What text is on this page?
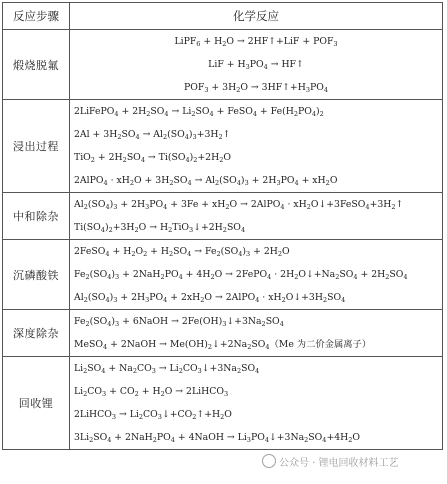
反应步骤	化学反应
煅烧脱氟	LiPF$_6$ + $H_2O$ → 2HF↑+LiF + $POF_3$
LiF + $H_3PO_4$ → HF↑
$POF_3 + 3H_2O$ → $3HF↑+H_3PO_4$

浸出过程	2LiFePO$_4$ + $2H_2SO_4 \to Li_2SO_4$ + FeSO$_4$ + $Fe(H_2PO_4)_2$
$2Al + 3H_2SO_4$ → $Al_2(SO_4)_3+3H_2↑$
$TiO_2 + 2H_2SO_4 \to Ti(SO_4)_2+2H_2O$
2AlPO$_4$ · $xH_2O + 3H_2SO_4 \to Al_2(SO_4)_3 + 2H_3PO_4 + xH_2O$

中和除杂	$Al_2(SO_4)_3 + 2H_3PO_4 + 3Fe + xH_2O$ → 2AlPO$_4$ · $xH_2O↓+3FeSO_4+3H_2↑$
$Ti(SO_4)_2+3H_2O$ → $H_2TiO_3↓+2H_2SO_4$

沉磷酸铁	2FeSO$_4$ + $H_2O_2 + H_2SO_4 \to Fe_2(SO_4)_3 + 2H_2O$
$Fe_2(SO_4)_3 + 2NaH_2PO_4 + 4H_2O$ → 2FePO$_4$ · $2H_2O↓+Na_2SO_4 + 2H_2SO_4$
$Al_2(SO_4)_3 + 2H_3PO_4 + 2xH_2O$ → 2AlPO$_4$ · $xH_2O↓+3H_2SO_4$

深度除杂	$Fe_2(SO_4)_3$ + 6NaOH → $2Fe(OH)_3↓+3Na_2SO_4$
MeSO$_4$ + 2NaOH → $Me(OH)_2↓+2Na_2SO_4(Me$ 为二价金属离子）

回收锂	$Li_2SO_4 + Na_2CO_3$ → $Li_2CO_3↓+3Na_2SO_4$
$Li_2CO_3 + CO_2 + H_2O$ → 2LiHCO$_3$
2LiHCO$_3$ → $Li_2CO_3↓+CO_2↑+H_2O$
$3Li_2SO_4 + 2NaH_2PO_4$ + 4NaOH → $Li_3PO_4↓+3Na_2SO_4+4H_2O$
公众号 · 锂电回收材料工艺
